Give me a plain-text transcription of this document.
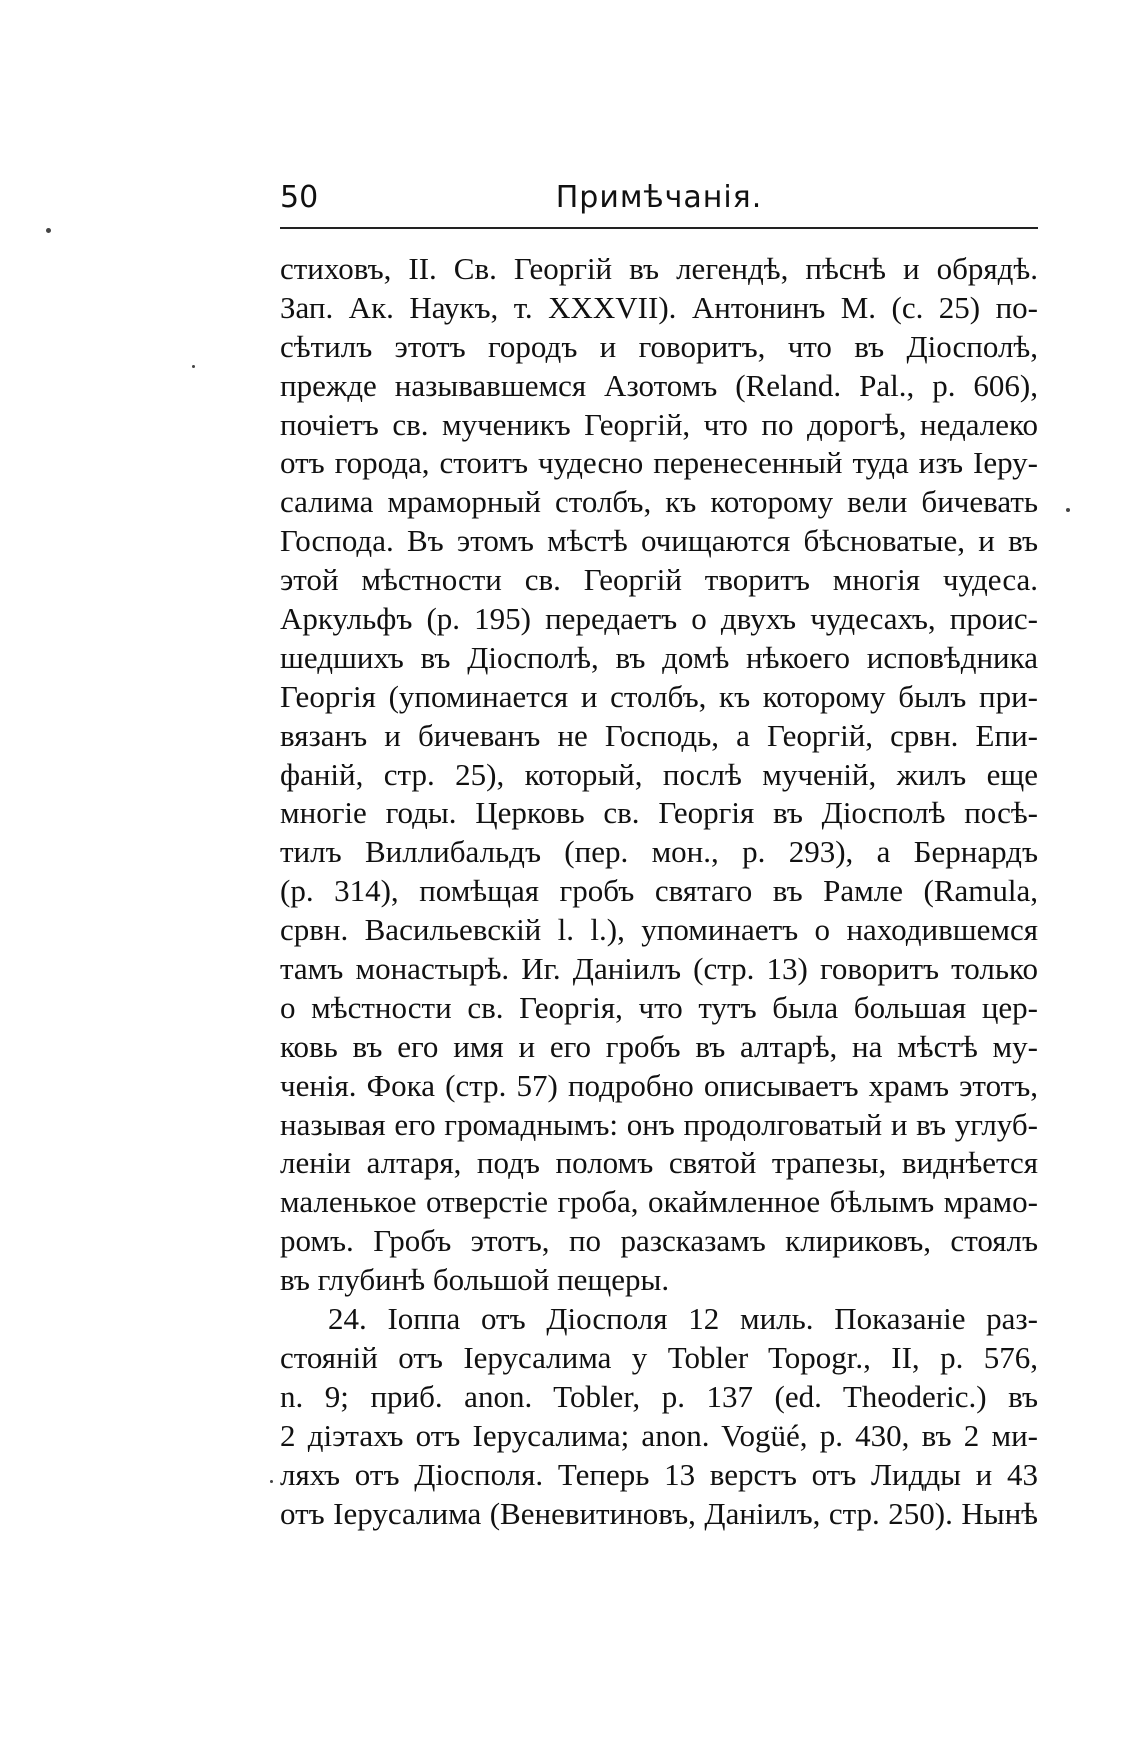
Примѣчанія.
50
стиховъ, II. Св. Георгій въ легендѣ, пѣснѣ и обрядѣ.
Зап. Ак. Наукъ, т. XXXVII). Антонинъ М. (с. 25) по-
сѣтилъ этотъ городъ и говоритъ, что въ Діосполѣ,
прежде называвшемся Азотомъ (Reland. Pal., p. 606),
почіетъ св. мученикъ Георгій, что по дорогѣ, недалеко
отъ города, стоитъ чудесно перенесенный туда изъ Іеру-
салима мраморный столбъ, къ которому вели бичевать
Господа. Въ этомъ мѣстѣ очищаются бѣсноватые, и въ
этой мѣстности св. Георгій творитъ многія чудеса.
Аркульфъ (p. 195) передаетъ о двухъ чудесахъ, проис-
шедшихъ въ Діосполѣ, въ домѣ нѣкоего исповѣдника
Георгія (упоминается и столбъ, къ которому былъ при-
вязанъ и бичеванъ не Господь, а Георгій, срвн. Епи-
фаній, стр. 25), который, послѣ мученій, жилъ еще
многіе годы. Церковь св. Георгія въ Діосполѣ посѣ-
тилъ Виллибальдъ (пер. мон., p. 293), а Бернардъ
(p. 314), помѣщая гробъ святаго въ Рамле (Ramula,
срвн. Васильевскій l. l.), упоминаетъ о находившемся
тамъ монастырѣ. Иг. Даніилъ (стр. 13) говоритъ только
о мѣстности св. Георгія, что тутъ была большая цер-
ковь въ его имя и его гробъ въ алтарѣ, на мѣстѣ му-
ченія. Фока (стр. 57) подробно описываетъ храмъ этотъ,
называя его громаднымъ: онъ продолговатый и въ углуб-
леніи алтаря, подъ поломъ святой трапезы, виднѣется
маленькое отверстіе гроба, окаймленное бѣлымъ мрамо-
ромъ. Гробъ этотъ, по разсказамъ клириковъ, стоялъ
въ глубинѣ большой пещеры.
24. Іоппа отъ Діосполя 12 миль. Показаніе раз-
стояній отъ Іерусалима у Tobler Topogr., II, p. 576,
n. 9; приб. anon. Tobler, p. 137 (ed. Theoderic.) въ
2 діэтахъ отъ Іерусалима; anon. Vogüé, p. 430, въ 2 ми-
ляхъ отъ Діосполя. Теперь 13 верстъ отъ Лидды и 43
отъ Іерусалима (Веневитиновъ, Даніилъ, стр. 250). Нынѣ
